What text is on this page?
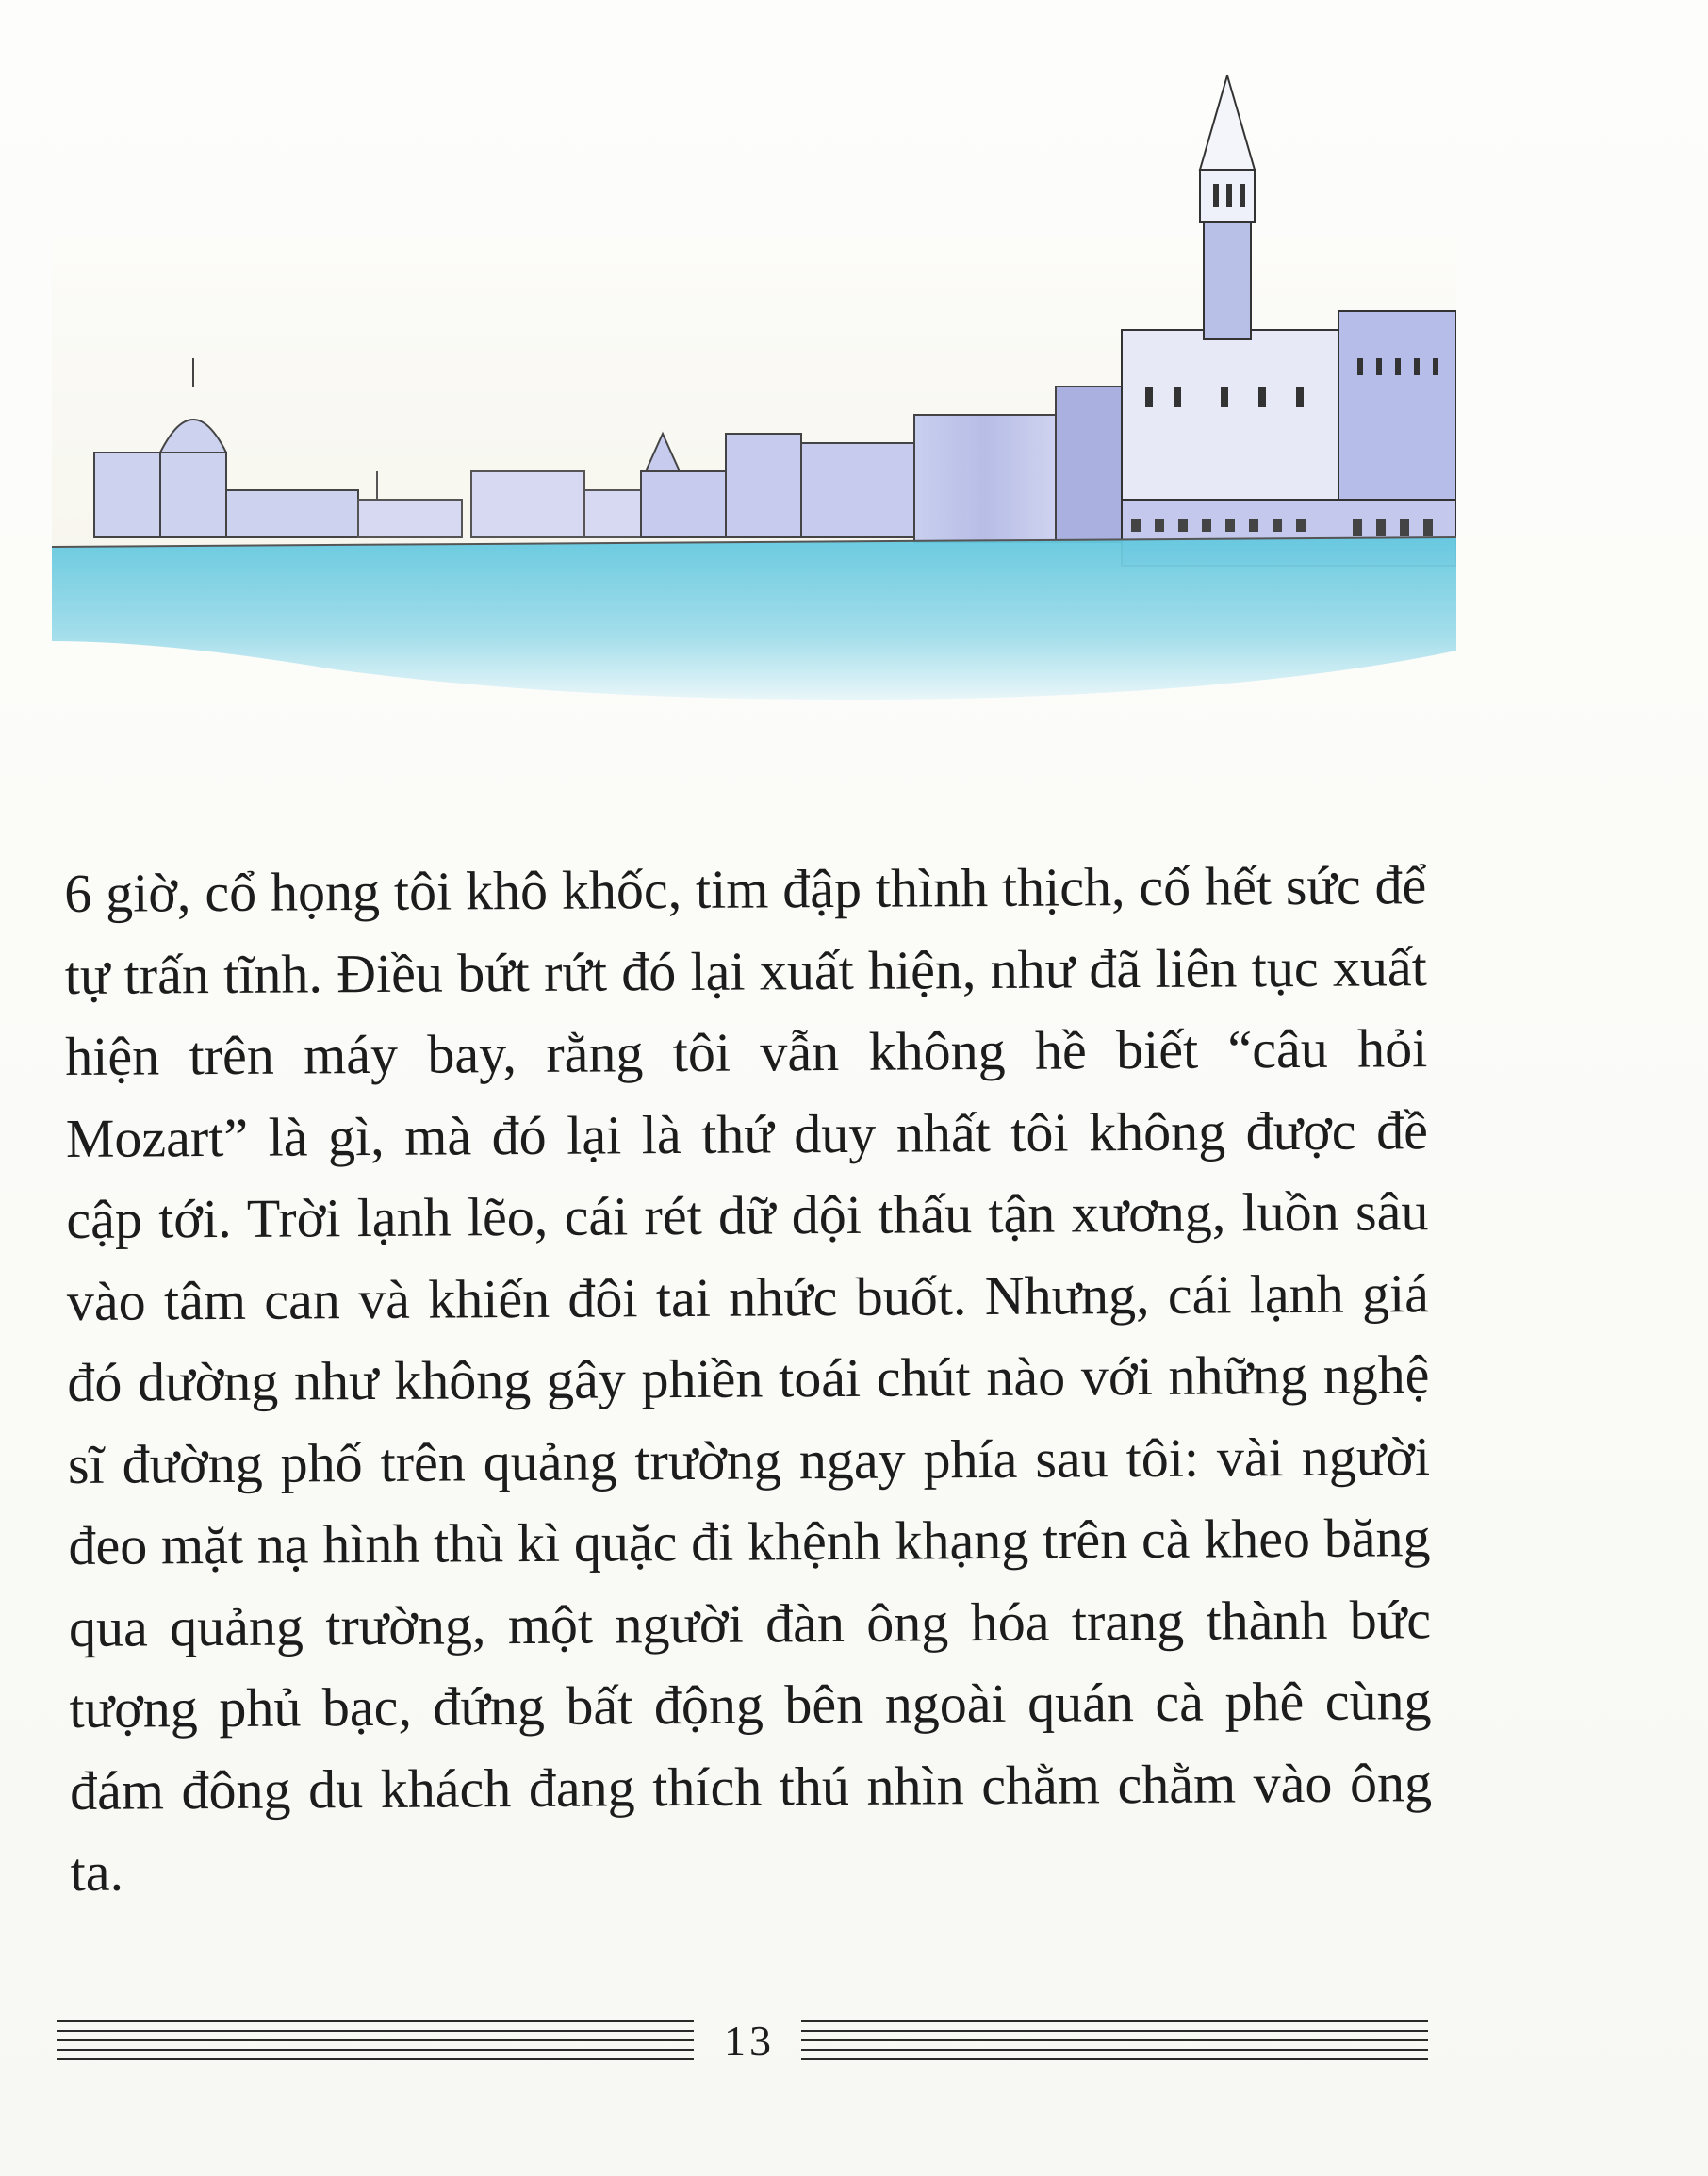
6 giờ, cổ họng tôi khô khốc, tim đập thình thịch, cố hết sức để tự trấn tĩnh. Điều bứt rứt đó lại xuất hiện, như đã liên tục xuất hiện trên máy bay, rằng tôi vẫn không hề biết “câu hỏi Mozart” là gì, mà đó lại là thứ duy nhất tôi không được đề cập tới. Trời lạnh lẽo, cái rét dữ dội thấu tận xương, luồn sâu vào tâm can và khiến đôi tai nhức buốt. Nhưng, cái lạnh giá đó dường như không gây phiền toái chút nào với những nghệ sĩ đường phố trên quảng trường ngay phía sau tôi: vài người đeo mặt nạ hình thù kì quặc đi khệnh khạng trên cà kheo băng qua quảng trường, một người đàn ông hóa trang thành bức tượng phủ bạc, đứng bất động bên ngoài quán cà phê cùng đám đông du khách đang thích thú nhìn chằm chằm vào ông ta.

13
